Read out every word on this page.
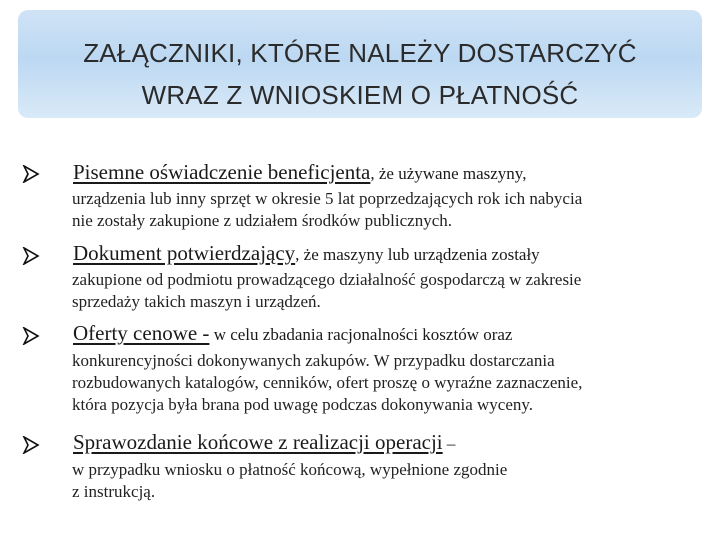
ZAŁĄCZNIKI, KTÓRE NALEŻY DOSTARCZYĆ
WRAZ Z WNIOSKIEM O PŁATNOŚĆ
Pisemne oświadczenie beneficjenta, że używane maszyny,
urządzenia lub inny sprzęt w okresie 5 lat poprzedzających rok ich nabycia
nie zostały zakupione z udziałem środków publicznych.
Dokument potwierdzający, że maszyny lub urządzenia zostały
zakupione od podmiotu prowadzącego działalność gospodarczą w zakresie
sprzedaży takich maszyn i urządzeń.
Oferty cenowe - w celu zbadania racjonalności kosztów oraz
konkurencyjności dokonywanych zakupów. W przypadku dostarczania
rozbudowanych katalogów, cenników, ofert proszę o wyraźne zaznaczenie,
która pozycja była brana pod uwagę podczas dokonywania wyceny.
Sprawozdanie końcowe z realizacji operacji –
w przypadku wniosku o płatność końcową, wypełnione zgodnie
z instrukcją.
